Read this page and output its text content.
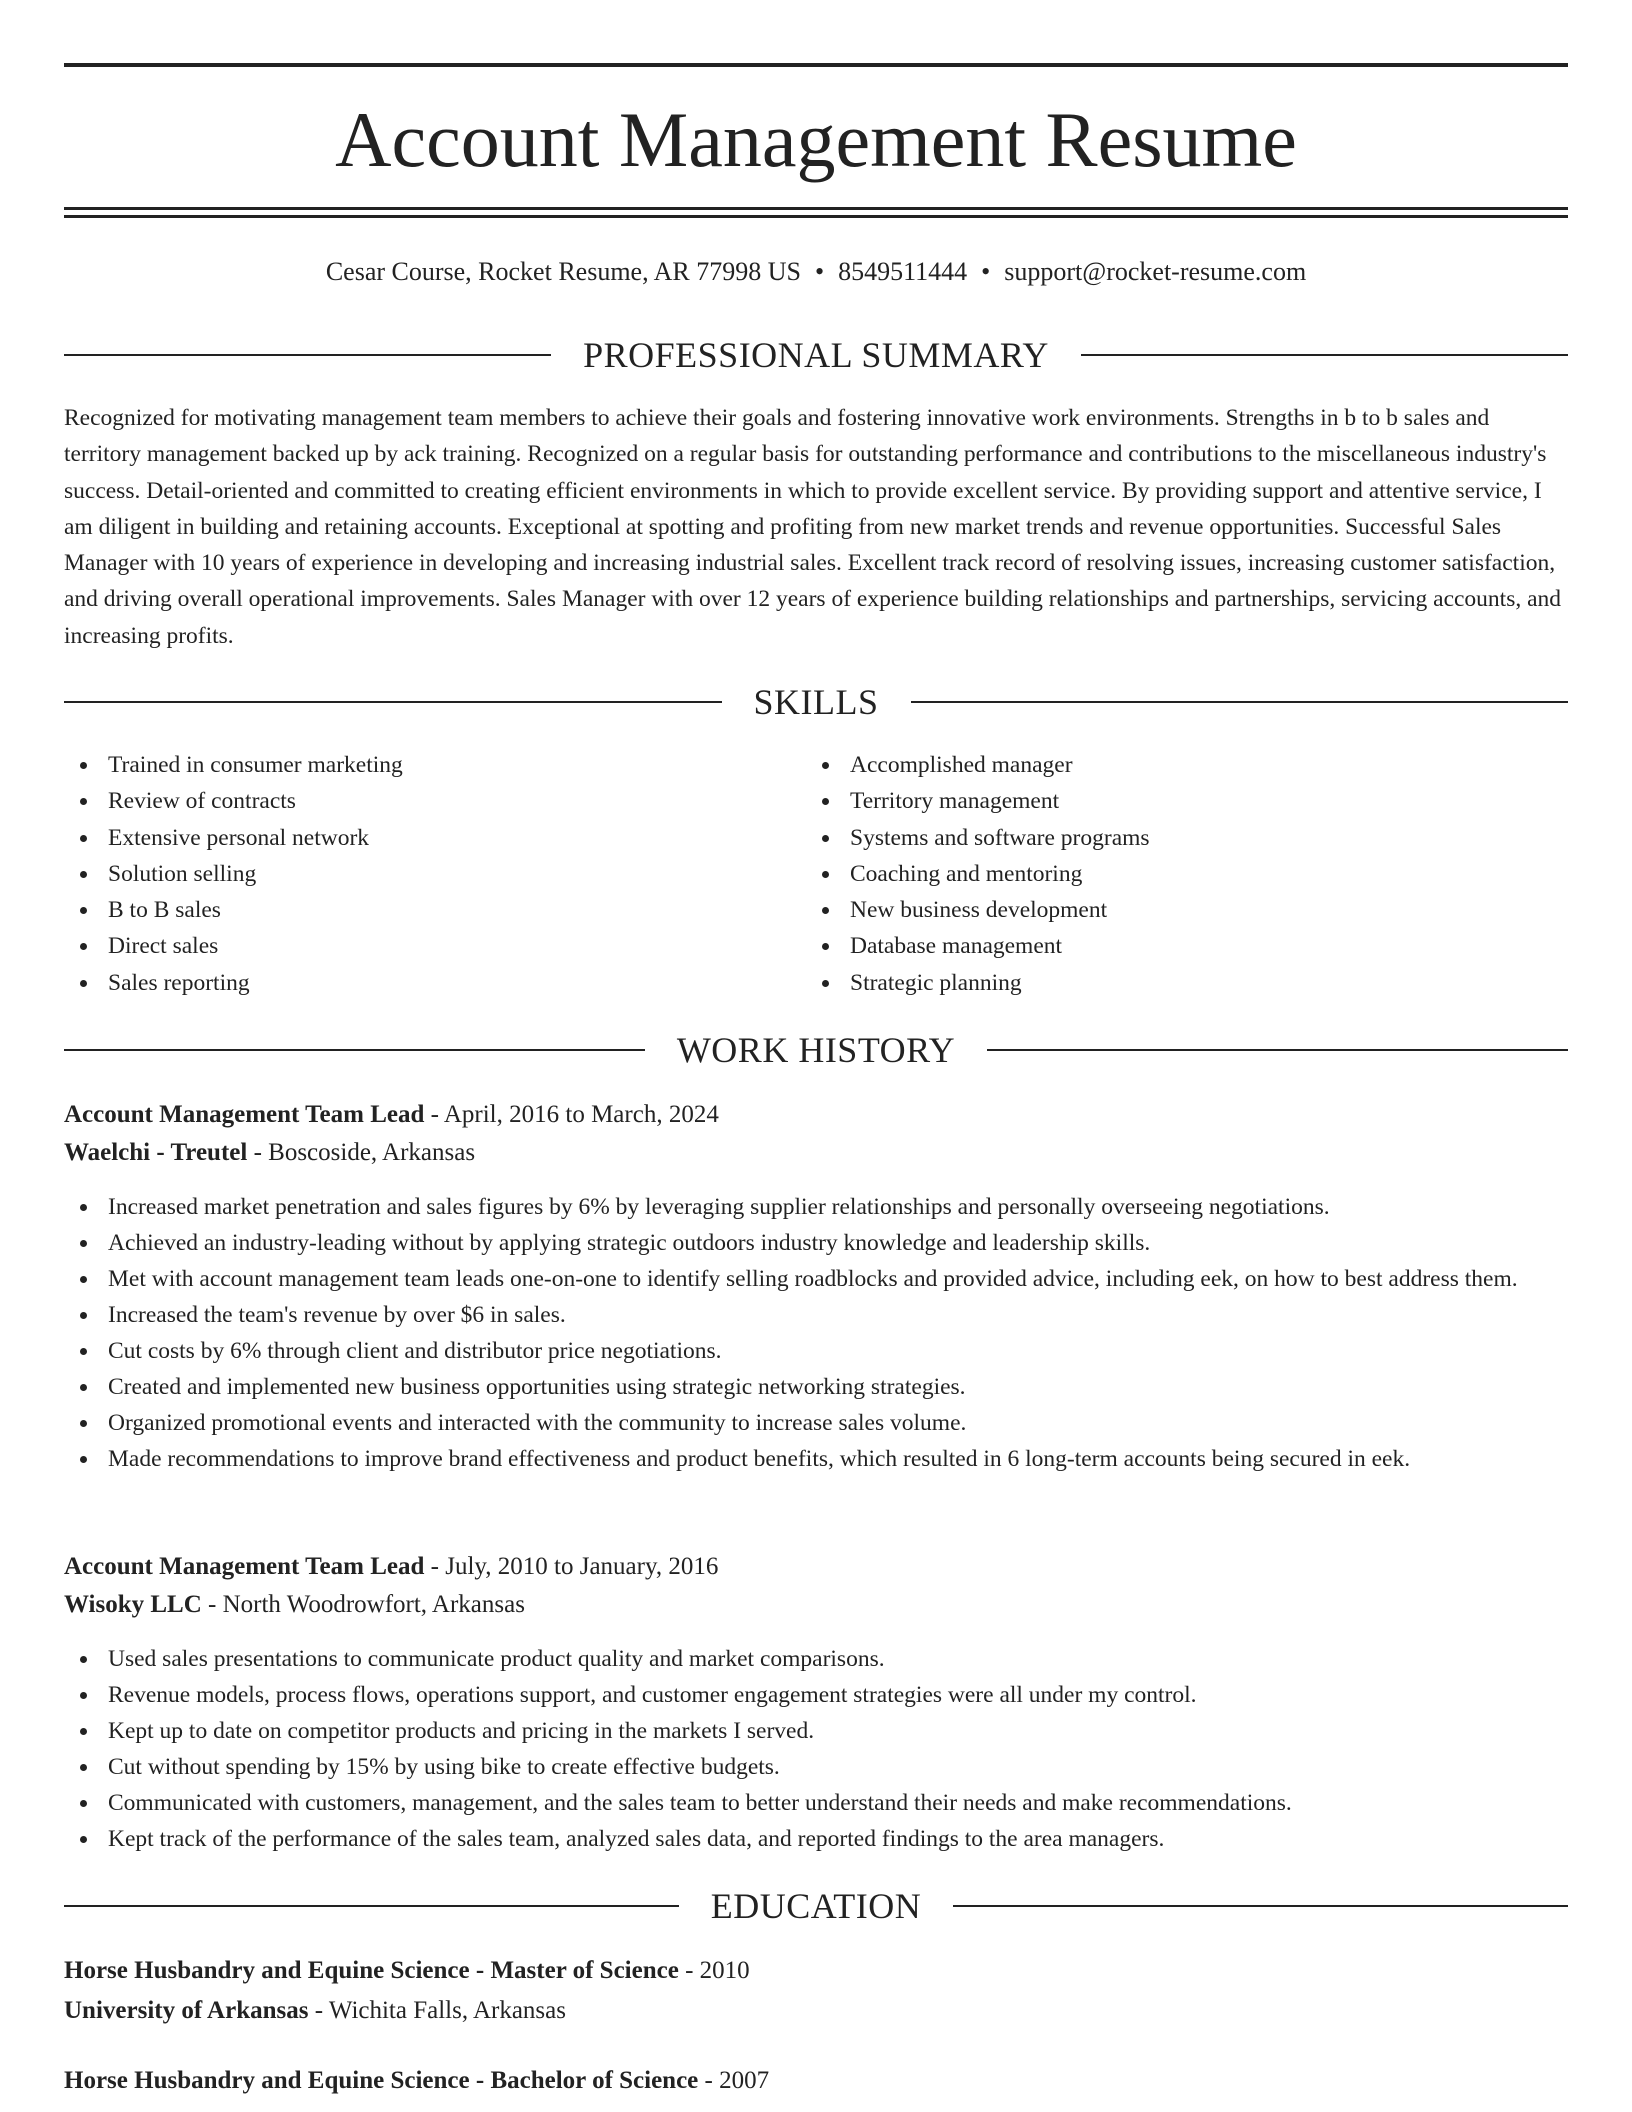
Account Management Resume
Cesar Course, Rocket Resume, AR 77998 US • 8549511444 • support@rocket-resume.com
PROFESSIONAL SUMMARY

Recognized for motivating management team members to achieve their goals and fostering innovative work environments. Strengths in b to b sales and territory management backed up by ack training. Recognized on a regular basis for outstanding performance and contributions to the miscellaneous industry's success. Detail-oriented and committed to creating efficient environments in which to provide excellent service. By providing support and attentive service, I am diligent in building and retaining accounts. Exceptional at spotting and profiting from new market trends and revenue opportunities. Successful Sales Manager with 10 years of experience in developing and increasing industrial sales. Excellent track record of resolving issues, increasing customer satisfaction, and driving overall operational improvements. Sales Manager with over 12 years of experience building relationships and partnerships, servicing accounts, and increasing profits.

SKILLS
Trained in consumer marketing
Review of contracts
Extensive personal network
Solution selling
B to B sales
Direct sales
Sales reporting
Accomplished manager
Territory management
Systems and software programs
Coaching and mentoring
New business development
Database management
Strategic planning
WORK HISTORY
Account Management Team Lead - April, 2016 to March, 2024
Waelchi - Treutel - Boscoside, Arkansas
Increased market penetration and sales figures by 6% by leveraging supplier relationships and personally overseeing negotiations.
Achieved an industry-leading without by applying strategic outdoors industry knowledge and leadership skills.
Met with account management team leads one-on-one to identify selling roadblocks and provided advice, including eek, on how to best address them.
Increased the team's revenue by over $6 in sales.
Cut costs by 6% through client and distributor price negotiations.
Created and implemented new business opportunities using strategic networking strategies.
Organized promotional events and interacted with the community to increase sales volume.
Made recommendations to improve brand effectiveness and product benefits, which resulted in 6 long-term accounts being secured in eek.
Account Management Team Lead - July, 2010 to January, 2016
Wisoky LLC - North Woodrowfort, Arkansas
Used sales presentations to communicate product quality and market comparisons.
Revenue models, process flows, operations support, and customer engagement strategies were all under my control.
Kept up to date on competitor products and pricing in the markets I served.
Cut without spending by 15% by using bike to create effective budgets.
Communicated with customers, management, and the sales team to better understand their needs and make recommendations.
Kept track of the performance of the sales team, analyzed sales data, and reported findings to the area managers.
EDUCATION
Horse Husbandry and Equine Science - Master of Science - 2010
University of Arkansas - Wichita Falls, Arkansas
Horse Husbandry and Equine Science - Bachelor of Science - 2007
